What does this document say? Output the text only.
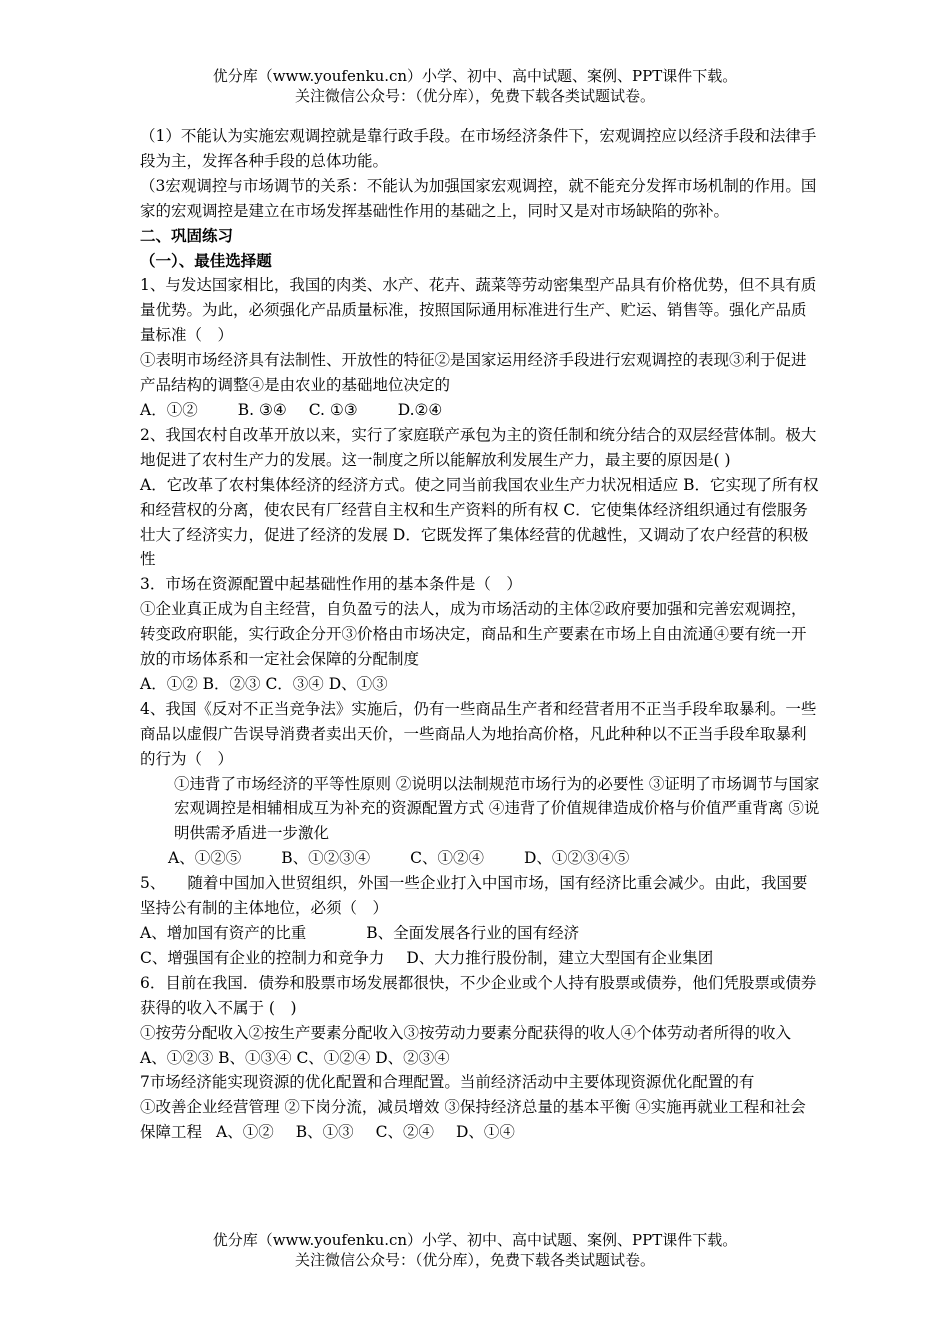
优分库（www.youfenku.cn）小学、初中、高中试题、案例、PPT课件下载。
关注微信公众号：（优分库），免费下载各类试题试卷。

（1）不能认为实施宏观调控就是靠行政手段。在市场经济条件下，宏观调控应以经济手段和法律手段为主，发挥各种手段的总体功能。

（3宏观调控与市场调节的关系：不能认为加强国家宏观调控，就不能充分发挥市场机制的作用。国家的宏观调控是建立在市场发挥基础性作用的基础之上，同时又是对市场缺陷的弥补。

二、巩固练习

（一）、最佳选择题

1、与发达国家相比，我国的肉类、水产、花卉、蔬菜等劳动密集型产品具有价格优势，但不具有质量优势。为此，必须强化产品质量标准，按照国际通用标准进行生产、贮运、销售等。强化产品质量标准（　）

①表明市场经济具有法制性、开放性的特征②是国家运用经济手段进行宏观调控的表现③利于促进产品结构的调整④是由农业的基础地位决定的

A．①②	B. ③④ C. ①③	D.②④

2、我国农村自改革开放以来，实行了家庭联产承包为主的资任制和统分结合的双层经营体制。极大地促进了农村生产力的发展。这一制度之所以能解放利发展生产力，最主要的原因是( )

A．它改革了农村集体经济的经济方式。使之同当前我国农业生产力状况相适应 B．它实现了所有权和经营权的分离，使农民有厂经营自主权和生产资料的所有权 C．它使集体经济组织通过有偿服务壮大了经济实力，促进了经济的发展 D．它既发挥了集体经营的优越性，又调动了农户经营的积极性

3．市场在资源配置中起基础性作用的基本条件是（　）

①企业真正成为自主经营，自负盈亏的法人，成为市场活动的主体②政府要加强和完善宏观调控，转变政府职能，实行政企分开③价格由市场决定，商品和生产要素在市场上自由流通④要有统一开放的市场体系和一定社会保障的分配制度

A．①② B．②③ C．③④ D、①③

4、我国《反对不正当竞争法》实施后，仍有一些商品生产者和经营者用不正当手段牟取暴利。一些商品以虚假广告误导消费者卖出天价，一些商品人为地抬高价格，凡此种种以不正当手段牟取暴利的行为（　）

①违背了市场经济的平等性原则 ②说明以法制规范市场行为的必要性 ③证明了市场调节与国家宏观调控是相辅相成互为补充的资源配置方式 ④违背了价值规律造成价格与价值严重背离 ⑤说明供需矛盾进一步激化

A、①②⑤	B、①②③④	C、①②④	D、①②③④⑤

5、 随着中国加入世贸组织，外国一些企业打入中国市场，国有经济比重会减少。由此，我国要坚持公有制的主体地位，必须（　）

A、增加国有资产的比重	B、全面发展各行业的国有经济

C、增强国有企业的控制力和竞争力 D、大力推行股份制，建立大型国有企业集团

6．目前在我国．债券和股票市场发展都很快，不少企业或个人持有股票或债券，他们凭股票或债券获得的收入不属于 (　)

①按劳分配收入②按生产要素分配收入③按劳动力要素分配获得的收人④个体劳动者所得的收入

A、①②③ B、①③④ C、①②④ D、②③④

7市场经济能实现资源的优化配置和合理配置。当前经济活动中主要体现资源优化配置的有

①改善企业经营管理 ②下岗分流，减员增效 ③保持经济总量的基本平衡 ④实施再就业工程和社会保障工程 A、①② B、①③ C、②④ D、①④

优分库（www.youfenku.cn）小学、初中、高中试题、案例、PPT课件下载。
关注微信公众号：（优分库），免费下载各类试题试卷。
